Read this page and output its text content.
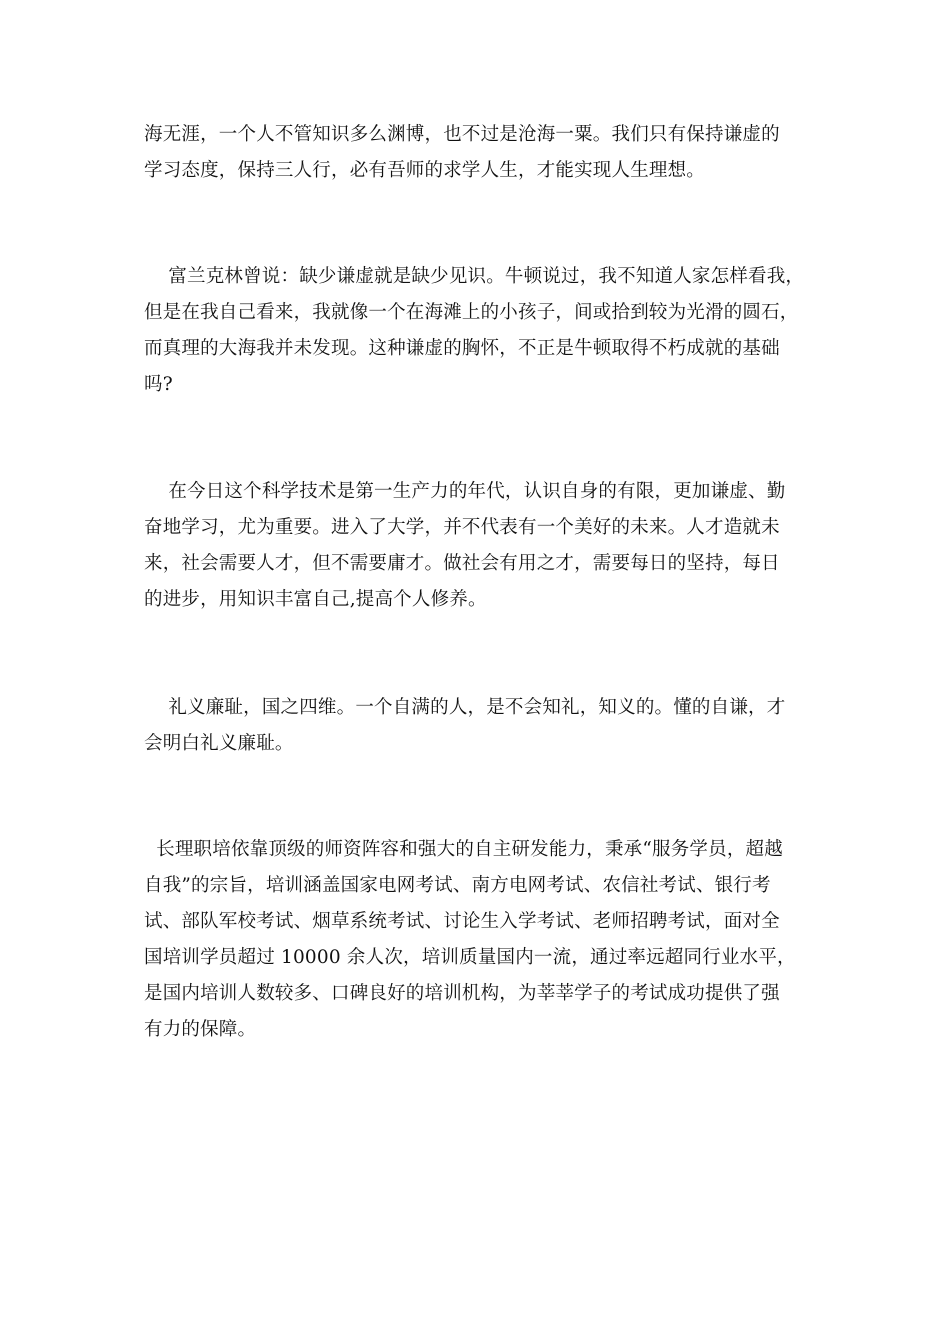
海无涯，一个人不管知识多么渊博，也不过是沧海一粟。我们只有保持谦虚的
学习态度，保持三人行，必有吾师的求学人生，才能实现人生理想。
富兰克林曾说：缺少谦虚就是缺少见识。牛顿说过，我不知道人家怎样看我，
但是在我自己看来，我就像一个在海滩上的小孩子，间或拾到较为光滑的圆石，
而真理的大海我并未发现。这种谦虚的胸怀，不正是牛顿取得不朽成就的基础
吗?
在今日这个科学技术是第一生产力的年代，认识自身的有限，更加谦虚、勤
奋地学习，尤为重要。进入了大学，并不代表有一个美好的未来。人才造就未
来，社会需要人才，但不需要庸才。做社会有用之才，需要每日的坚持，每日
的进步，用知识丰富自己,提高个人修养。
礼义廉耻，国之四维。一个自满的人，是不会知礼，知义的。懂的自谦，才
会明白礼义廉耻。
长理职培依靠顶级的师资阵容和强大的自主研发能力，秉承“服务学员，超越
自我”的宗旨，培训涵盖国家电网考试、南方电网考试、农信社考试、银行考
试、部队军校考试、烟草系统考试、讨论生入学考试、老师招聘考试，面对全
国培训学员超过 10000 余人次，培训质量国内一流，通过率远超同行业水平，
是国内培训人数较多、口碑良好的培训机构，为莘莘学子的考试成功提供了强
有力的保障。
